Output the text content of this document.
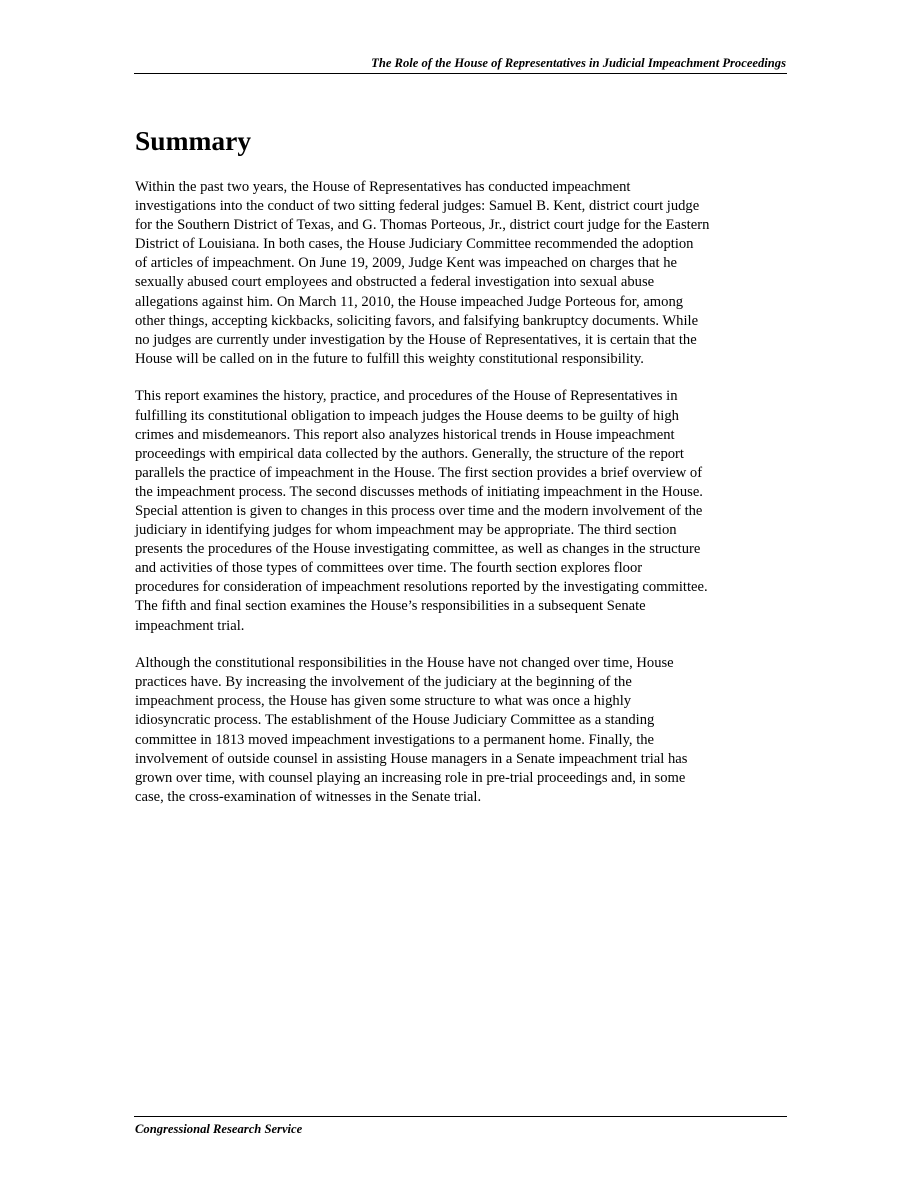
The Role of the House of Representatives in Judicial Impeachment Proceedings
Summary

Within the past two years, the House of Representatives has conducted impeachment
investigations into the conduct of two sitting federal judges: Samuel B. Kent, district court judge
for the Southern District of Texas, and G. Thomas Porteous, Jr., district court judge for the Eastern
District of Louisiana. In both cases, the House Judiciary Committee recommended the adoption
of articles of impeachment. On June 19, 2009, Judge Kent was impeached on charges that he
sexually abused court employees and obstructed a federal investigation into sexual abuse
allegations against him. On March 11, 2010, the House impeached Judge Porteous for, among
other things, accepting kickbacks, soliciting favors, and falsifying bankruptcy documents. While
no judges are currently under investigation by the House of Representatives, it is certain that the
House will be called on in the future to fulfill this weighty constitutional responsibility.

This report examines the history, practice, and procedures of the House of Representatives in
fulfilling its constitutional obligation to impeach judges the House deems to be guilty of high
crimes and misdemeanors. This report also analyzes historical trends in House impeachment
proceedings with empirical data collected by the authors. Generally, the structure of the report
parallels the practice of impeachment in the House. The first section provides a brief overview of
the impeachment process. The second discusses methods of initiating impeachment in the House.
Special attention is given to changes in this process over time and the modern involvement of the
judiciary in identifying judges for whom impeachment may be appropriate. The third section
presents the procedures of the House investigating committee, as well as changes in the structure
and activities of those types of committees over time. The fourth section explores floor
procedures for consideration of impeachment resolutions reported by the investigating committee.
The fifth and final section examines the House’s responsibilities in a subsequent Senate
impeachment trial.

Although the constitutional responsibilities in the House have not changed over time, House
practices have. By increasing the involvement of the judiciary at the beginning of the
impeachment process, the House has given some structure to what was once a highly
idiosyncratic process. The establishment of the House Judiciary Committee as a standing
committee in 1813 moved impeachment investigations to a permanent home. Finally, the
involvement of outside counsel in assisting House managers in a Senate impeachment trial has
grown over time, with counsel playing an increasing role in pre-trial proceedings and, in some
case, the cross-examination of witnesses in the Senate trial.

Congressional Research Service
